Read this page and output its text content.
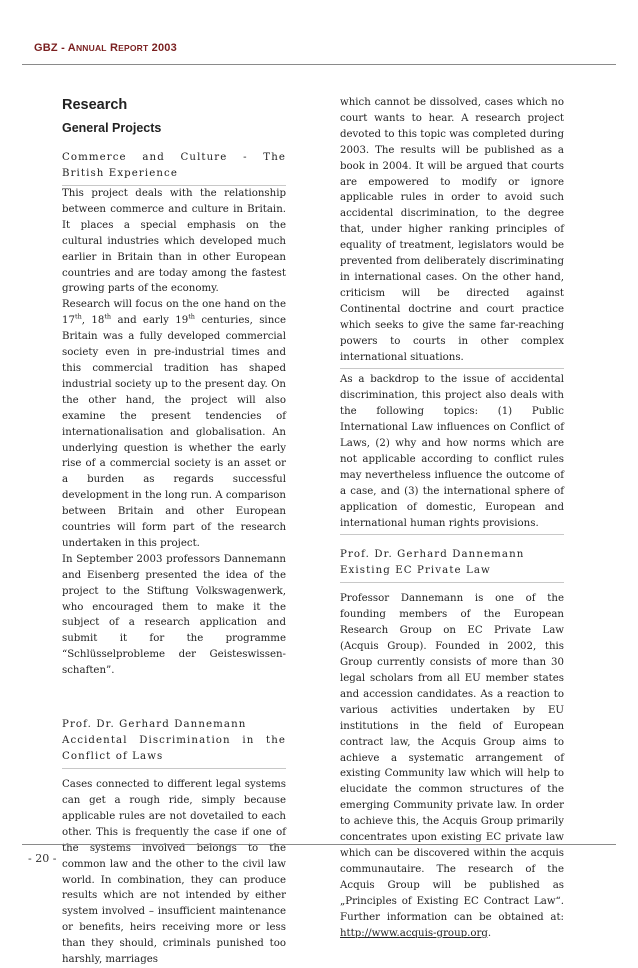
GBZ - ANNUAL REPORT 2003
Research
General Projects

Commerce and Culture - The British Experience

This project deals with the relationship between commerce and culture in Britain. It places a special emphasis on the cultural industries which developed much earlier in Britain than in other European countries and are today among the fastest growing parts of the economy.

Research will focus on the one hand on the 17th, 18th and early 19th centuries, since Britain was a fully developed commercial society even in pre-industrial times and this commercial tradition has shaped industrial society up to the present day. On the other hand, the project will also examine the present tendencies of internationalisation and globalisation. An underlying question is whether the early rise of a commercial society is an asset or a burden as regards successful development in the long run. A comparison between Britain and other European countries will form part of the research undertaken in this project.

In September 2003 professors Dannemann and Eisenberg presented the idea of the project to the Stiftung Volkswagenwerk, who encouraged them to make it the subject of a research application and submit it for the programme “Schlüsselprobleme der Geisteswissen-schaften”.

Prof. Dr. Gerhard Dannemann

Accidental Discrimination in the Conflict of Laws

Cases connected to different legal systems can get a rough ride, simply because applicable rules are not dovetailed to each other. This is frequently the case if one of the systems involved belongs to the common law and the other to the civil law world. In combination, they can produce results which are not intended by either system involved – insufficient maintenance or benefits, heirs receiving more or less than they should, criminals punished too harshly, marriages

which cannot be dissolved, cases which no court wants to hear. A research project devoted to this topic was completed during 2003. The results will be published as a book in 2004. It will be argued that courts are empowered to modify or ignore applicable rules in order to avoid such accidental discrimination, to the degree that, under higher ranking principles of equality of treatment, legislators would be prevented from deliberately discriminating in international cases. On the other hand, criticism will be directed against Continental doctrine and court practice which seeks to give the same far-reaching powers to courts in other complex international situations.

As a backdrop to the issue of accidental discrimination, this project also deals with the following topics: (1) Public International Law influences on Conflict of Laws, (2) why and how norms which are not applicable according to conflict rules may nevertheless influence the outcome of a case, and (3) the international sphere of application of domestic, European and international human rights provisions.

Prof. Dr. Gerhard Dannemann

Existing EC Private Law

Professor Dannemann is one of the founding members of the European Research Group on EC Private Law (Acquis Group). Founded in 2002, this Group currently consists of more than 30 legal scholars from all EU member states and accession candidates. As a reaction to various activities undertaken by EU institutions in the field of European contract law, the Acquis Group aims to achieve a systematic arrangement of existing Community law which will help to elucidate the common structures of the emerging Community private law. In order to achieve this, the Acquis Group primarily concentrates upon existing EC private law which can be discovered within the acquis communautaire. The research of the Acquis Group will be published as „Principles of Existing EC Contract Law“. Further information can be obtained at: http://www.acquis-group.org.

- 20 -
